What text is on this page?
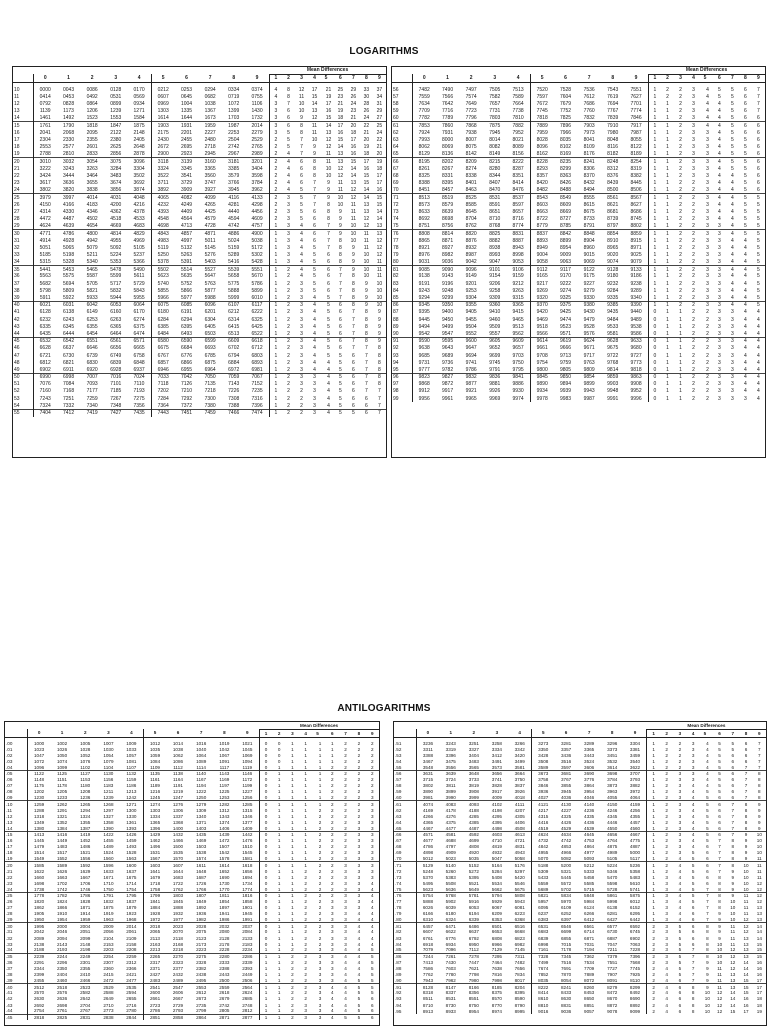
LOGARITHMS
											Mean Differences								
	0	1	2	3	4	5	6	7	8	9	1	2	3	4	5	6	7	8	9

10	0000	0043	0086	0128	0170	0212	0253	0294	0334	0374	4	8	12	17	21	25	29	33	37
11	0414	0453	0492	0531	0569	0607	0645	0682	0719	0755	4	8	11	15	19	23	26	30	34
12	0792	0828	0864	0899	0934	0969	1004	1038	1072	1106	3	7	10	14	17	21	24	28	31
13	1139	1173	1206	1239	1271	1303	1335	1367	1399	1430	3	6	10	13	16	19	23	26	29
14	1461	1492	1523	1553	1584	1614	1644	1673	1703	1732	3	6	9	12	15	18	21	24	27
15	1761	1790	1818	1847	1875	1903	1931	1959	1987	2014	3	6	8	11	14	17	20	22	25
16	2041	2068	2095	2122	2148	2175	2201	2227	2253	2279	3	5	8	11	13	16	18	21	24
17	2304	2330	2355	2380	2405	2430	2455	2480	2504	2529	2	5	7	10	12	15	17	20	22
18	2553	2577	2601	2625	2648	2672	2695	2718	2742	2765	2	5	7	9	12	14	16	19	21
19	2788	2810	2833	2856	2878	2900	2923	2945	2967	2989	2	4	7	9	11	13	16	18	20
20	3010	3032	3054	3075	3096	3118	3139	3160	3181	3201	2	4	6	8	11	13	15	17	19
21	3222	3243	3263	3284	3304	3324	3345	3365	3385	3404	2	4	6	8	10	12	14	16	18
22	3424	3444	3464	3483	3502	3522	3541	3560	3579	3598	2	4	6	8	10	12	14	15	17
23	3617	3636	3655	3674	3692	3711	3729	3747	3766	3784	2	4	6	7	9	11	13	15	17
24	3802	3820	3838	3856	3874	3892	3909	3927	3945	3962	2	4	5	7	9	11	12	14	16
25	3979	3997	4014	4031	4048	4065	4082	4099	4116	4133	2	3	5	7	9	10	12	14	15
26	4150	4166	4183	4200	4216	4232	4249	4265	4281	4298	2	3	5	7	8	10	11	13	15
27	4314	4330	4346	4362	4378	4393	4409	4425	4440	4456	2	3	5	6	8	9	11	13	14
28	4472	4487	4502	4518	4533	4548	4564	4579	4594	4609	2	3	5	6	8	9	11	12	14
29	4624	4639	4654	4669	4683	4698	4713	4728	4742	4757	1	3	4	6	7	9	10	12	13
30	4771	4786	4800	4814	4829	4843	4857	4871	4886	4900	1	3	4	6	7	9	10	11	13
31	4914	4928	4942	4955	4969	4983	4997	5011	5024	5038	1	3	4	6	7	8	10	11	12
32	5051	5065	5079	5092	5105	5119	5132	5145	5159	5172	1	3	4	5	7	8	9	11	12
33	5185	5198	5211	5224	5237	5250	5263	5276	5289	5302	1	3	4	5	6	8	9	10	12
34	5315	5328	5340	5353	5366	5378	5391	5403	5416	5428	1	3	4	5	6	8	9	10	11
35	5441	5453	5465	5478	5490	5502	5514	5527	5539	5551	1	2	4	5	6	7	9	10	11
36	5563	5575	5587	5599	5611	5623	5635	5647	5658	5670	1	2	4	5	6	7	8	10	11
37	5682	5694	5705	5717	5729	5740	5752	5763	5775	5786	1	2	3	5	6	7	8	9	10
38	5798	5809	5821	5832	5843	5855	5866	5877	5888	5899	1	2	3	5	6	7	8	9	10
39	5911	5922	5933	5944	5955	5966	5977	5988	5999	6010	1	2	3	4	5	7	8	9	10
40	6021	6031	6042	6053	6064	6075	6085	6096	6107	6117	1	2	3	4	5	6	8	9	10
41	6128	6138	6149	6160	6170	6180	6191	6201	6212	6222	1	2	3	4	5	6	7	8	9
42	6232	6243	6253	6263	6274	6284	6294	6304	6314	6325	1	2	3	4	5	6	7	8	9
43	6335	6345	6355	6365	6375	6385	6395	6405	6415	6425	1	2	3	4	5	6	7	8	9
44	6435	6444	6454	6464	6474	6484	6493	6503	6513	6522	1	2	3	4	5	6	7	8	9
45	6532	6542	6551	6561	6571	6580	6590	6599	6609	6618	1	2	3	4	5	6	7	8	9
46	6628	6637	6646	6656	6665	6675	6684	6693	6702	6712	1	2	3	4	5	6	7	7	8
47	6721	6730	6739	6749	6758	6767	6776	6785	6794	6803	1	2	3	4	5	5	6	7	8
48	6812	6821	6830	6839	6848	6857	6866	6875	6884	6893	1	2	3	4	4	5	6	7	8
49	6902	6911	6920	6928	6937	6946	6955	6964	6972	6981	1	2	3	4	4	5	6	7	8
50	6990	6998	7007	7016	7024	7033	7042	7050	7059	7067	1	2	3	3	4	5	6	7	8
51	7076	7084	7093	7101	7110	7118	7126	7135	7143	7152	1	2	3	3	4	5	6	7	8
52	7160	7168	7177	7185	7193	7202	7210	7218	7226	7235	1	2	2	3	4	5	6	7	7
53	7243	7251	7259	7267	7275	7284	7292	7300	7308	7316	1	2	2	3	4	5	6	6	7
54	7324	7332	7340	7348	7356	7364	7372	7380	7388	7396	1	2	2	3	4	5	6	6	7
55	7404	7412	7419	7427	7435	7443	7451	7459	7466	7474	1	2	2	3	4	5	5	6	7
											Mean Differences								
	0	1	2	3	4	5	6	7	8	9	1	2	3	4	5	6	7	8	9

56	7482	7490	7497	7505	7513	7520	7528	7536	7543	7551	1	2	2	3	4	5	5	6	7
57	7559	7566	7574	7582	7589	7597	7604	7612	7619	7627	1	2	2	3	4	5	5	6	7
58	7634	7642	7649	7657	7664	7672	7679	7686	7694	7701	1	1	2	3	4	4	5	6	7
59	7709	7716	7723	7731	7738	7745	7752	7760	7767	7774	1	1	2	3	4	4	5	6	7
60	7782	7789	7796	7803	7810	7818	7825	7832	7839	7846	1	1	2	3	4	4	5	6	6
61	7853	7860	7868	7875	7882	7889	7896	7903	7910	7917	1	1	2	3	4	4	5	6	6
62	7924	7931	7938	7945	7952	7959	7966	7973	7980	7987	1	1	2	3	3	4	5	6	6
63	7993	8000	8007	8014	8021	8028	8035	8041	8048	8055	1	1	2	3	3	4	5	5	6
64	8062	8069	8075	8082	8089	8096	8102	8109	8116	8122	1	1	2	3	3	4	5	5	6
65	8129	8136	8142	8149	8156	8162	8169	8176	8182	8189	1	1	2	3	3	4	5	5	6
66	8195	8202	8209	8215	8222	8228	8235	8241	8248	8254	1	1	2	3	3	4	5	5	6
67	8261	8267	8274	8280	8287	8293	8299	8306	8312	8319	1	1	2	3	3	4	5	5	6
68	8325	8331	8338	8344	8351	8357	8363	8370	8376	8382	1	1	2	3	3	4	4	5	6
69	8388	8395	8401	8407	8414	8420	8426	8432	8439	8445	1	1	2	2	3	4	4	5	6
70	8451	8457	8463	8470	8476	8482	8488	8494	8500	8506	1	1	2	2	3	4	4	5	6
71	8513	8519	8525	8531	8537	8543	8549	8555	8561	8567	1	1	2	2	3	4	4	5	5
72	8573	8579	8585	8591	8597	8603	8609	8615	8621	8627	1	1	2	2	3	4	4	5	5
73	8633	8639	8645	8651	8657	8663	8669	8675	8681	8686	1	1	2	2	3	4	4	5	5
74	8692	8698	8704	8710	8716	8722	8727	8733	8739	8745	1	1	2	2	3	4	4	5	5
75	8751	8756	8762	8768	8774	8779	8785	8791	8797	8802	1	1	2	2	3	3	4	5	5
76	8808	8814	8820	8825	8831	8837	8842	8848	8854	8859	1	1	2	2	3	3	4	5	5
77	8865	8871	8876	8882	8887	8893	8899	8904	8910	8915	1	1	2	2	3	3	4	4	5
78	8921	8927	8932	8938	8943	8949	8954	8960	8965	8971	1	1	2	2	3	3	4	4	5
79	8976	8982	8987	8993	8998	9004	9009	9015	9020	9025	1	1	2	2	3	3	4	4	5
80	9031	9036	9042	9047	9053	9058	9063	9069	9074	9079	1	1	2	2	3	3	4	4	5
81	9085	9090	9096	9101	9106	9112	9117	9122	9128	9133	1	1	2	2	3	3	4	4	5
82	9138	9143	9149	9154	9159	9165	9170	9175	9180	9186	1	1	2	2	3	3	4	4	5
83	9191	9196	9201	9206	9212	9217	9222	9227	9232	9238	1	1	2	2	3	3	4	4	5
84	9243	9248	9253	9258	9263	9269	9274	9279	9284	9289	1	1	2	2	3	3	4	4	5
85	9294	9299	9304	9309	9315	9320	9325	9330	9335	9340	1	1	2	2	3	3	4	4	5
86	9345	9350	9355	9360	9365	9370	9375	9380	9385	9390	1	1	2	2	3	3	4	4	5
87	9395	9400	9405	9410	9415	9420	9425	9430	9435	9440	0	1	1	2	2	3	3	4	4
88	9445	9450	9455	9460	9465	9469	9474	9479	9484	9489	0	1	1	2	2	3	3	4	4
89	9494	9499	9504	9509	9513	9518	9523	9528	9533	9538	0	1	1	2	2	3	3	4	4
90	9542	9547	9552	9557	9562	9566	9571	9576	9581	9586	0	1	1	2	2	3	3	4	4
91	9590	9595	9600	9605	9609	9614	9619	9624	9628	9633	0	1	1	2	2	3	3	4	4
92	9638	9643	9647	9652	9657	9661	9666	9671	9675	9680	0	1	1	2	2	3	3	4	4
93	9685	9689	9694	9699	9703	9708	9713	9717	9722	9727	0	1	1	2	2	3	3	4	4
94	9731	9736	9741	9745	9750	9754	9759	9763	9768	9773	0	1	1	2	2	3	3	4	4
95	9777	9782	9786	9791	9795	9800	9805	9809	9814	9818	0	1	1	2	2	3	3	4	4
96	9823	9827	9832	9836	9841	9845	9850	9854	9859	9863	0	1	1	2	2	3	3	4	4
97	9868	9872	9877	9881	9886	9890	9894	9899	9903	9908	0	1	1	2	2	3	3	4	4
98	9912	9917	9921	9926	9930	9934	9939	9943	9948	9952	0	1	1	2	2	3	3	4	4
99	9956	9961	9965	9969	9974	9978	9983	9987	9991	9996	0	1	1	2	2	3	3	3	4
ANTILOGARITHMS
											Mean Differences								
	0	1	2	3	4	5	6	7	8	9	1	2	3	4	5	6	7	8	9

.00	1000	1002	1005	1007	1009	1012	1014	1016	1019	1021	0	0	1	1	1	1	2	2	2
.01	1023	1026	1028	1030	1033	1035	1038	1040	1042	1045	0	0	1	1	1	1	2	2	2
.02	1047	1050	1052	1054	1057	1059	1062	1064	1067	1069	0	0	1	1	1	1	2	2	2
.03	1072	1074	1076	1079	1081	1084	1086	1089	1091	1094	0	0	1	1	1	1	2	2	2
.04	1096	1099	1102	1104	1107	1109	1112	1114	1117	1119	0	1	1	1	1	2	2	2	2
.05	1122	1125	1127	1130	1132	1135	1138	1140	1143	1146	0	1	1	1	1	2	2	2	2
.06	1148	1151	1153	1156	1159	1161	1164	1167	1169	1172	0	1	1	1	1	2	2	2	2
.07	1175	1178	1180	1183	1186	1189	1191	1194	1197	1199	0	1	1	1	1	2	2	2	2
.08	1202	1205	1208	1211	1213	1216	1219	1222	1225	1227	0	1	1	1	1	2	2	2	3
.09	1230	1233	1236	1239	1242	1245	1247	1250	1253	1256	0	1	1	1	1	2	2	2	3
.10	1259	1262	1265	1268	1271	1274	1276	1279	1282	1285	0	1	1	1	1	2	2	2	3
.11	1288	1291	1294	1297	1300	1303	1306	1309	1312	1315	0	1	1	1	2	2	2	2	3
.12	1318	1321	1324	1327	1330	1334	1337	1340	1343	1346	0	1	1	1	2	2	2	2	3
.13	1349	1352	1355	1358	1361	1365	1368	1371	1374	1377	0	1	1	1	2	2	2	3	3
.14	1380	1384	1387	1390	1393	1396	1400	1403	1406	1409	0	1	1	1	2	2	2	3	3
.15	1413	1416	1419	1422	1426	1429	1432	1435	1439	1442	0	1	1	1	2	2	2	3	3
.16	1445	1449	1452	1455	1459	1462	1466	1469	1472	1476	0	1	1	1	2	2	2	3	3
.17	1479	1483	1486	1489	1493	1496	1500	1503	1507	1510	0	1	1	1	2	2	2	3	3
.18	1514	1517	1521	1524	1528	1531	1535	1538	1542	1545	0	1	1	1	2	2	2	3	3
.19	1549	1552	1556	1560	1563	1567	1570	1574	1578	1581	0	1	1	1	2	2	3	3	3
.20	1585	1589	1592	1596	1600	1603	1607	1611	1614	1618	0	1	1	1	2	2	3	3	3
.21	1622	1626	1629	1633	1637	1641	1644	1648	1652	1656	0	1	1	2	2	2	3	3	3
.22	1660	1663	1667	1671	1675	1679	1683	1687	1690	1694	0	1	1	2	2	2	3	3	3
.23	1698	1702	1706	1710	1714	1718	1722	1726	1730	1734	0	1	1	2	2	2	3	3	4
.24	1738	1742	1746	1750	1754	1758	1762	1766	1770	1774	0	1	1	2	2	2	3	3	4
.25	1778	1782	1786	1791	1795	1799	1803	1807	1811	1816	0	1	1	2	2	2	3	3	4
.26	1820	1824	1828	1832	1837	1841	1845	1849	1854	1858	0	1	1	2	2	3	3	3	4
.27	1862	1866	1871	1875	1879	1884	1888	1892	1897	1901	0	1	1	2	2	3	3	3	4
.28	1905	1910	1914	1919	1923	1928	1932	1936	1941	1945	0	1	1	2	2	3	3	4	4
.29	1950	1954	1959	1963	1968	1972	1977	1982	1986	1991	0	1	1	2	2	3	3	4	4
.30	1995	2000	2004	2009	2014	2018	2023	2028	2032	2037	0	1	1	2	2	3	3	4	4
.31	2042	2046	2051	2056	2061	2065	2070	2075	2080	2084	0	1	1	2	2	3	3	4	4
.32	2089	2094	2099	2104	2109	2113	2118	2123	2128	2133	0	1	1	2	2	3	3	4	4
.33	2138	2143	2148	2153	2158	2163	2168	2173	2178	2183	0	1	1	2	2	3	3	4	4
.34	2188	2193	2198	2203	2208	2213	2218	2223	2228	2234	1	1	2	2	3	3	4	4	5
.35	2239	2244	2249	2254	2259	2265	2270	2275	2280	2286	1	1	2	2	3	3	4	4	5
.36	2291	2296	2301	2307	2312	2317	2323	2328	2333	2339	1	1	2	2	3	3	4	4	5
.37	2344	2350	2355	2360	2366	2371	2377	2382	2388	2393	1	1	2	2	3	3	4	4	5
.38	2399	2404	2410	2415	2421	2427	2432	2438	2443	2449	1	1	2	2	3	3	4	4	5
.39	2455	2460	2466	2472	2477	2483	2489	2495	2500	2506	1	1	2	2	3	3	4	5	5
.40	2512	2518	2523	2529	2535	2541	2547	2553	2559	2564	1	1	2	2	3	4	4	5	5
.41	2570	2576	2582	2588	2594	2600	2606	2612	2618	2624	1	1	2	2	3	4	4	5	5
.42	2630	2636	2642	2649	2655	2661	2667	2673	2679	2685	1	1	2	2	3	4	4	5	6
.43	2692	2698	2704	2710	2716	2723	2729	2735	2742	2748	1	1	2	3	3	4	4	5	6
.44	2754	2761	2767	2773	2780	2786	2793	2799	2805	2812	1	1	2	3	3	4	4	5	6
.45	2818	2825	2831	2838	2844	2851	2858	2864	2871	2877	1	1	2	3	3	4	5	5	6
											Mean Differences								
	0	1	2	3	4	5	6	7	8	9	1	2	3	4	5	6	7	8	9

.51	3236	3243	3251	3258	3266	3273	3281	3289	3296	3304	1	2	2	3	4	5	5	6	7
.52	3311	3319	3327	3334	3342	3350	3357	3365	3373	3381	1	2	2	3	4	5	5	6	7
.53	3388	3396	3404	3412	3420	3428	3436	3443	3451	3459	1	2	2	3	4	5	6	6	7
.54	3467	3475	3483	3491	3499	3508	3516	3524	3532	3540	1	2	2	3	4	5	6	6	7
.55	3548	3556	3565	3573	3581	3589	3597	3606	3614	3622	1	2	2	3	4	5	6	7	7
.56	3631	3639	3648	3656	3664	3673	3681	3690	3698	3707	1	2	3	3	4	5	6	7	8
.57	3715	3724	3733	3741	3750	3758	3767	3776	3784	3793	1	2	3	3	4	5	6	7	8
.58	3802	3811	3819	3828	3837	3846	3855	3864	3873	3882	1	2	3	4	4	5	6	7	8
.59	3890	3899	3908	3917	3926	3936	3945	3954	3963	3972	1	2	3	4	5	5	6	7	8
.60	3981	3990	3999	4009	4018	4027	4036	4046	4055	4064	1	2	3	4	5	6	6	7	8
.61	4074	4083	4093	4102	4111	4121	4130	4140	4150	4159	1	2	3	4	5	6	7	8	9
.62	4169	4178	4188	4198	4207	4217	4227	4236	4246	4256	1	2	3	4	5	6	7	8	9
.63	4266	4276	4285	4295	4305	4315	4325	4335	4345	4355	1	2	3	4	5	6	7	8	9
.64	4365	4375	4385	4395	4406	4416	4426	4436	4446	4457	1	2	3	4	5	6	7	8	9
.65	4467	4477	4487	4498	4508	4519	4529	4539	4550	4560	1	2	3	4	5	6	7	8	9
.66	4571	4581	4592	4603	4613	4624	4634	4645	4656	4667	1	2	3	4	5	6	7	9	10
.67	4677	4688	4699	4710	4721	4732	4742	4753	4764	4775	1	2	3	4	5	7	8	9	10
.68	4786	4797	4808	4819	4831	4842	4853	4864	4875	4887	1	2	3	4	6	7	8	9	10
.69	4898	4909	4920	4932	4943	4955	4966	4977	4989	5000	1	2	3	5	6	7	8	9	10
.70	5012	5023	5035	5047	5058	5070	5082	5093	5105	5117	1	2	4	5	6	7	8	9	11
.71	5129	5140	5152	5164	5176	5188	5200	5212	5224	5236	1	2	4	5	6	7	8	10	11
.72	5248	5260	5272	5284	5297	5309	5321	5333	5346	5358	1	2	4	5	6	7	9	10	11
.73	5370	5383	5395	5408	5420	5433	5445	5458	5470	5483	1	3	4	5	6	8	9	10	11
.74	5495	5508	5521	5534	5546	5559	5572	5585	5598	5610	1	3	4	5	6	8	9	10	12
.75	5623	5636	5649	5662	5675	5689	5702	5715	5728	5741	1	3	4	5	7	8	9	10	12
.76	5754	5768	5781	5794	5808	5821	5834	5848	5861	5875	1	3	4	5	7	8	9	11	12
.77	5888	5902	5916	5929	5943	5957	5970	5984	5998	6012	1	3	4	5	7	8	10	11	12
.78	6026	6039	6053	6067	6081	6095	6109	6124	6138	6152	1	3	4	6	7	8	10	11	13
.79	6166	6180	6194	6209	6223	6237	6252	6266	6281	6295	1	3	4	6	7	9	10	11	13
.80	6310	6324	6339	6353	6368	6383	6397	6412	6427	6442	1	3	4	6	7	9	10	12	13
.81	6457	6471	6486	6501	6516	6531	6546	6561	6577	6592	2	3	5	6	8	9	11	12	14
.82	6607	6622	6637	6653	6668	6683	6699	6714	6730	6745	2	3	5	6	8	9	11	12	14
.83	6761	6776	6792	6808	6823	6839	6855	6871	6887	6902	2	3	5	6	8	9	11	13	14
.84	6918	6934	6950	6966	6982	6998	7015	7031	7047	7063	2	3	5	6	8	10	11	13	15
.85	7079	7096	7112	7129	7145	7161	7178	7194	7211	7228	2	3	5	7	8	10	12	13	15
.86	7244	7261	7278	7295	7311	7328	7345	7362	7379	7396	2	3	5	7	8	10	12	13	15
.87	7413	7430	7447	7464	7482	7499	7516	7534	7551	7568	2	3	5	7	9	10	12	14	16
.88	7586	7603	7621	7638	7656	7674	7691	7709	7727	7745	2	4	5	7	9	11	12	14	16
.89	7762	7780	7798	7816	7834	7852	7870	7889	7907	7925	2	4	5	7	9	11	13	14	16
.90	7943	7962	7980	7998	8017	8035	8054	8072	8091	8110	2	4	6	7	9	11	13	15	17
.91	8128	8147	8166	8185	8204	8222	8241	8260	8279	8299	2	4	6	8	9	11	13	15	17
.92	8318	8337	8356	8375	8395	8414	8433	8453	8472	8492	2	4	6	8	10	12	14	15	17
.93	8511	8531	8551	8570	8590	8610	8630	8650	8670	8690	2	4	6	8	10	12	14	16	18
.94	8710	8730	8750	8770	8790	8810	8831	8851	8872	8892	2	4	6	8	10	12	14	16	18
.95	8913	8933	8954	8974	8995	9016	9036	9057	9078	9099	2	4	6	8	10	12	15	17	19
